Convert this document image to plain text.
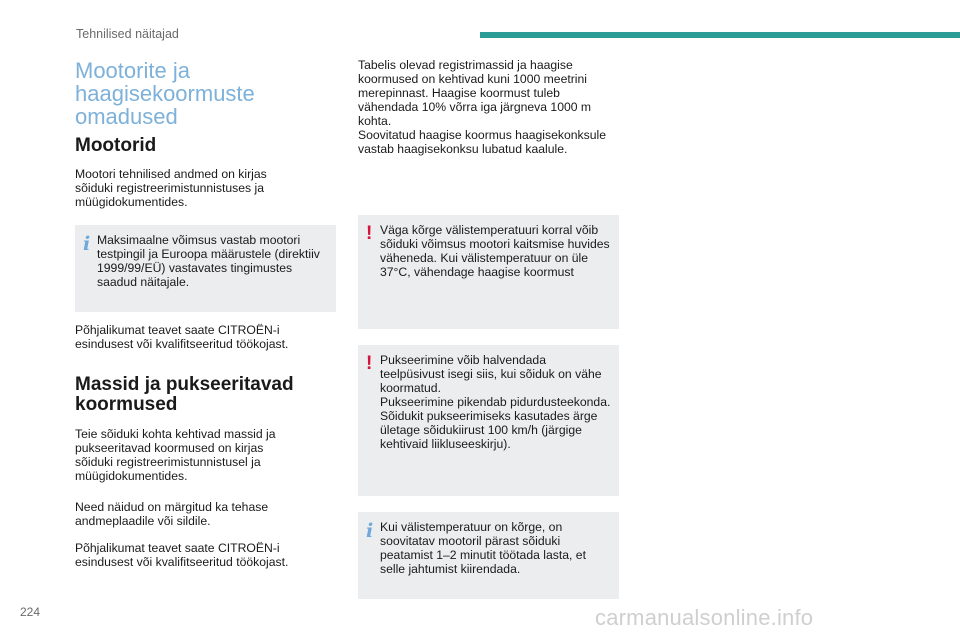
Tehnilised näitajad
Mootorite ja
haagisekoormuste
omadused
Mootorid
Mootori tehnilised andmed on kirjas
sõiduki registreerimistunnistuses ja
müügidokumentides.
i Maksimaalne võimsus vastab mootori
testpingil ja Euroopa määrustele (direktiiv
1999/99/EÜ) vastavates tingimustes
saadud näitajale.
Põhjalikumat teavet saate CITROËN-i
esindusest või kvalifitseeritud töökojast.
Massid ja pukseeritavad
koormused
Teie sõiduki kohta kehtivad massid ja
pukseeritavad koormused on kirjas
sõiduki registreerimistunnistusel ja
müügidokumentides.
Need näidud on märgitud ka tehase
andmeplaadile või sildile.
Põhjalikumat teavet saate CITROËN-i
esindusest või kvalifitseeritud töökojast.
Tabelis olevad registrimassid ja haagise
koormused on kehtivad kuni 1000 meetrini
merepinnast. Haagise koormust tuleb
vähendada 10% võrra iga järgneva 1000 m
kohta.
Soovitatud haagise koormus haagisekonksule
vastab haagisekonksu lubatud kaalule.
! Väga kõrge välistemperatuuri korral võib
sõiduki võimsus mootori kaitsmise huvides
väheneda. Kui välistemperatuur on üle
37°C, vähendage haagise koormust
! Pukseerimine võib halvendada
teelpüsivust isegi siis, kui sõiduk on vähe
koormatud.
Pukseerimine pikendab pidurdusteekonda.
Sõidukit pukseerimiseks kasutades ärge
ületage sõidukiirust 100 km/h (järgige
kehtivaid liikluseeskirju).
i Kui välistemperatuur on kõrge, on
soovitatav mootoril pärast sõiduki
peatamist 1–2 minutit töötada lasta, et
selle jahtumist kiirendada.
224	carmanualsonline.info
